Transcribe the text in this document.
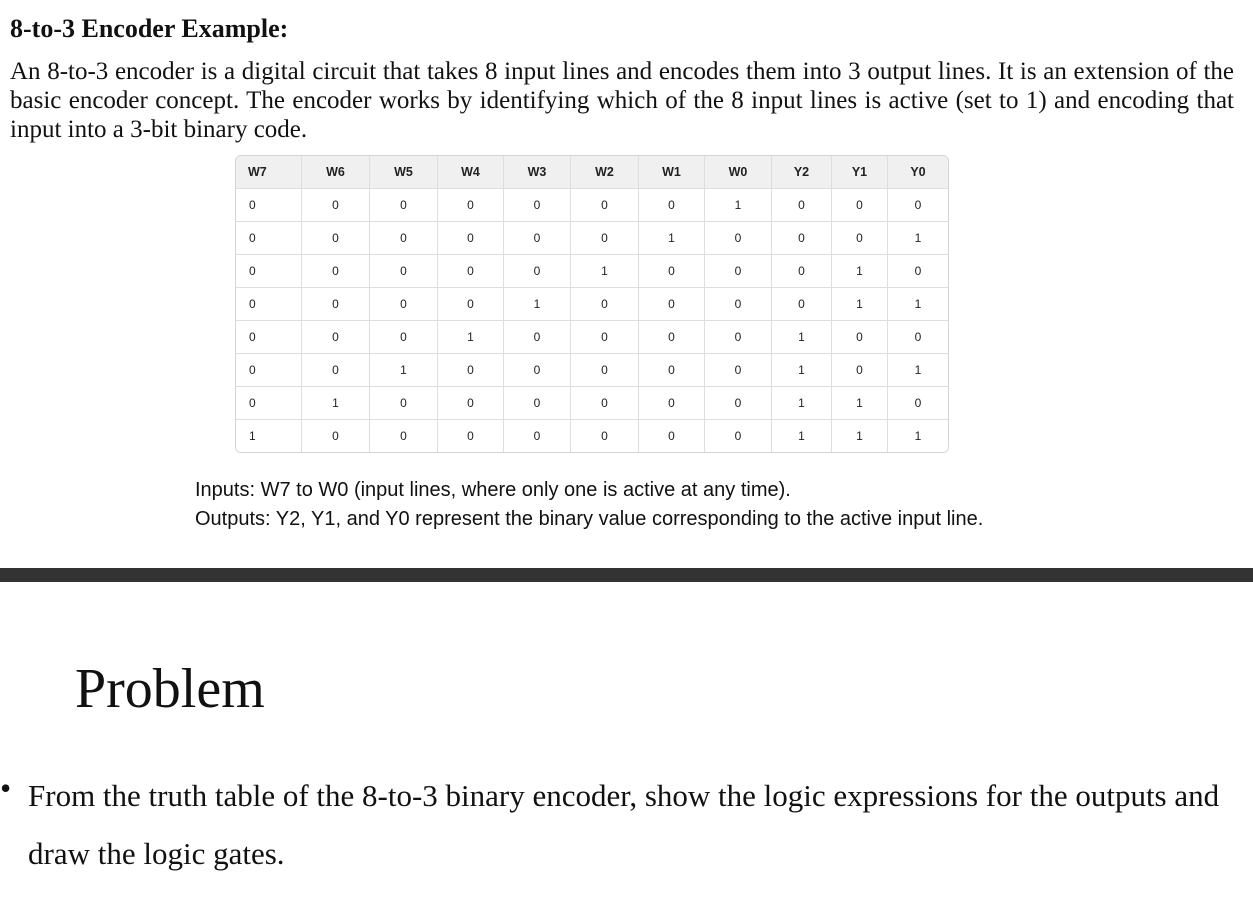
8-to-3 Encoder Example:
An 8-to-3 encoder is a digital circuit that takes 8 input lines and encodes them into 3 output lines. It is an extension of the basic encoder concept. The encoder works by identifying which of the 8 input lines is active (set to 1) and encoding that input into a 3-bit binary code.
W7	W6	W5	W4	W3	W2	W1	W0	Y2	Y1	Y0
0	0	0	0	0	0	0	1	0	0	0
0	0	0	0	0	0	1	0	0	0	1
0	0	0	0	0	1	0	0	0	1	0
0	0	0	0	1	0	0	0	0	1	1
0	0	0	1	0	0	0	0	1	0	0
0	0	1	0	0	0	0	0	1	0	1
0	1	0	0	0	0	0	0	1	1	0
1	0	0	0	0	0	0	0	1	1	1
Inputs: W7 to W0 (input lines, where only one is active at any time).
Outputs: Y2, Y1, and Y0 represent the binary value corresponding to the active input line.
Problem
• From the truth table of the 8-to-3 binary encoder, show the logic expressions for the outputs and draw the logic gates.
